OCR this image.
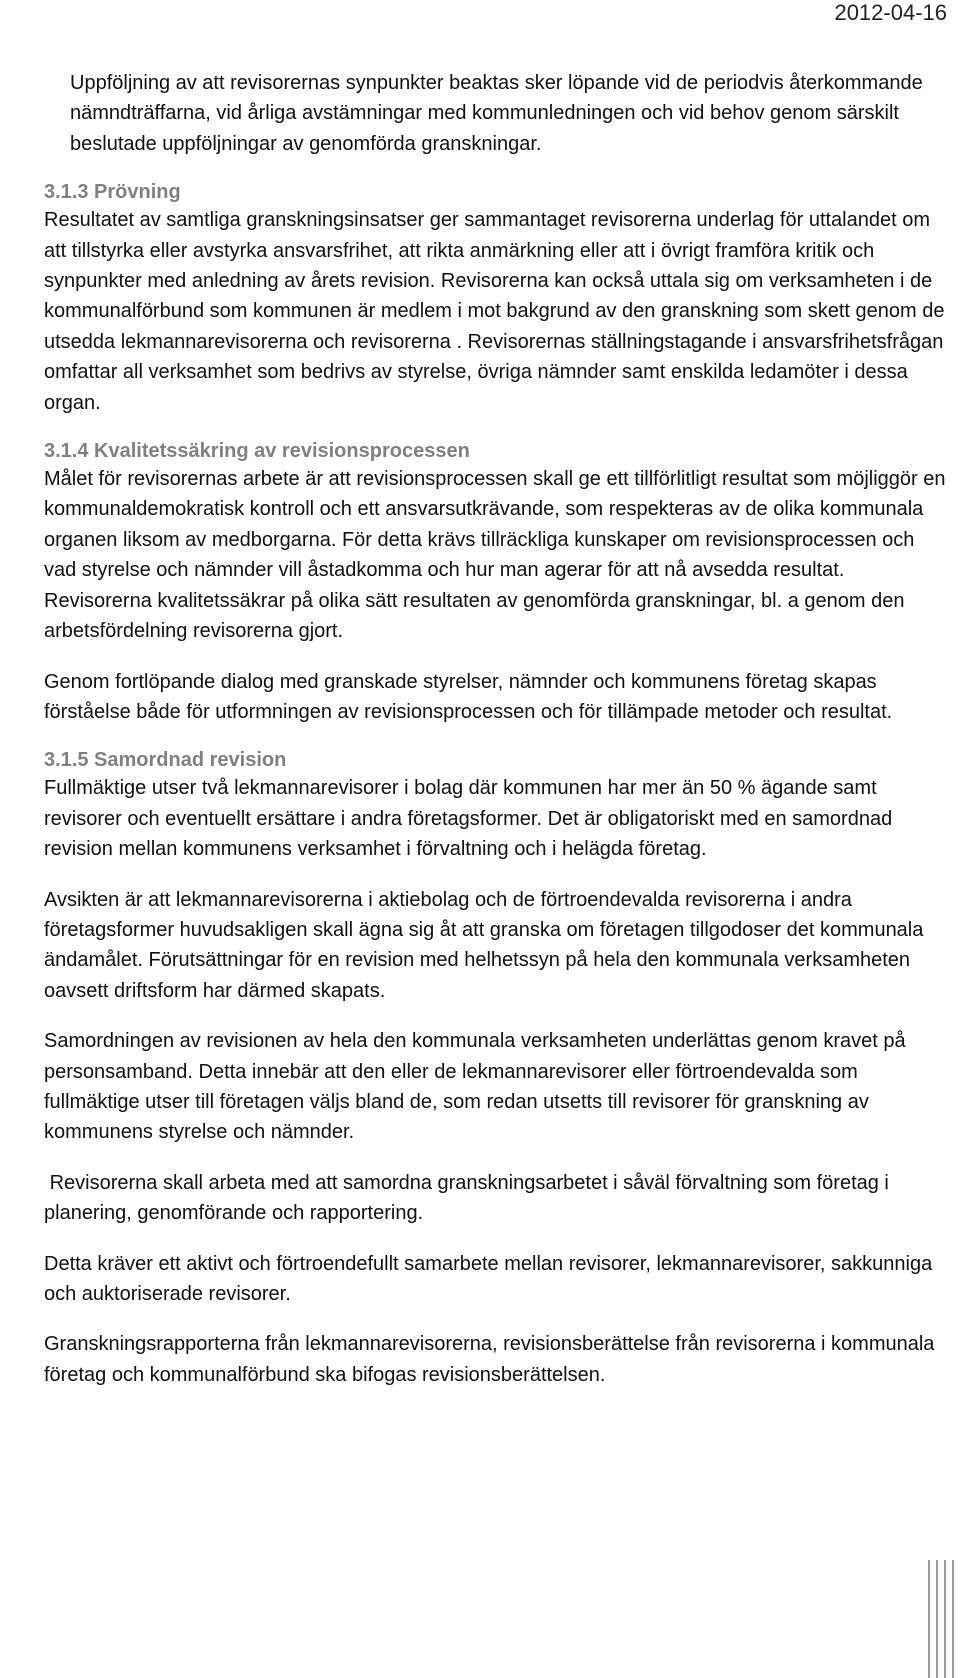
2012-04-16

Uppföljning av att revisorernas synpunkter beaktas sker löpande vid de periodvis återkommande nämndträffarna, vid årliga avstämningar med kommunledningen och vid behov genom särskilt beslutade uppföljningar av genomförda granskningar.

3.1.3 Prövning

Resultatet av samtliga granskningsinsatser ger sammantaget revisorerna underlag för uttalandet om att tillstyrka eller avstyrka ansvarsfrihet, att rikta anmärkning eller att i övrigt framföra kritik och synpunkter med anledning av årets revision. Revisorerna kan också uttala sig om verksamheten i de kommunalförbund som kommunen är medlem i mot bakgrund av den granskning som skett genom de utsedda lekmannarevisorerna och revisorerna . Revisorernas ställningstagande i ansvarsfrihetsfrågan omfattar all verksamhet som bedrivs av styrelse, övriga nämnder samt enskilda ledamöter i dessa organ.

3.1.4 Kvalitetssäkring av revisionsprocessen

Målet för revisorernas arbete är att revisionsprocessen skall ge ett tillförlitligt resultat som möjliggör en kommunaldemokratisk kontroll och ett ansvarsutkrävande, som respekteras av de olika kommunala organen liksom av medborgarna. För detta krävs tillräckliga kunskaper om revisionsprocessen och vad styrelse och nämnder vill åstadkomma och hur man agerar för att nå avsedda resultat. Revisorerna kvalitetssäkrar på olika sätt resultaten av genomförda granskningar, bl. a genom den arbetsfördelning revisorerna gjort.

Genom fortlöpande dialog med granskade styrelser, nämnder och kommunens företag skapas förståelse både för utformningen av revisionsprocessen och för tillämpade metoder och resultat.

3.1.5 Samordnad revision

Fullmäktige utser två lekmannarevisorer i bolag där kommunen har mer än 50 % ägande samt revisorer och eventuellt ersättare i andra företagsformer. Det är obligatoriskt med en samordnad revision mellan kommunens verksamhet i förvaltning och i helägda företag.

Avsikten är att lekmannarevisorerna i aktiebolag och de förtroendevalda revisorerna i andra företagsformer huvudsakligen skall ägna sig åt att granska om företagen tillgodoser det kommunala ändamålet. Förutsättningar för en revision med helhetssyn på hela den kommunala verksamheten oavsett driftsform har därmed skapats.

Samordningen av revisionen av hela den kommunala verksamheten underlättas genom kravet på personsamband. Detta innebär att den eller de lekmannarevisorer eller förtroendevalda som fullmäktige utser till företagen väljs bland de, som redan utsetts till revisorer för granskning av kommunens styrelse och nämnder.

Revisorerna skall arbeta med att samordna granskningsarbetet i såväl förvaltning som företag i planering, genomförande och rapportering.

Detta kräver ett aktivt och förtroendefullt samarbete mellan revisorer, lekmannarevisorer, sakkunniga och auktoriserade revisorer.

Granskningsrapporterna från lekmannarevisorerna, revisionsberättelse från revisorerna i kommunala företag och kommunalförbund ska bifogas revisionsberättelsen.
